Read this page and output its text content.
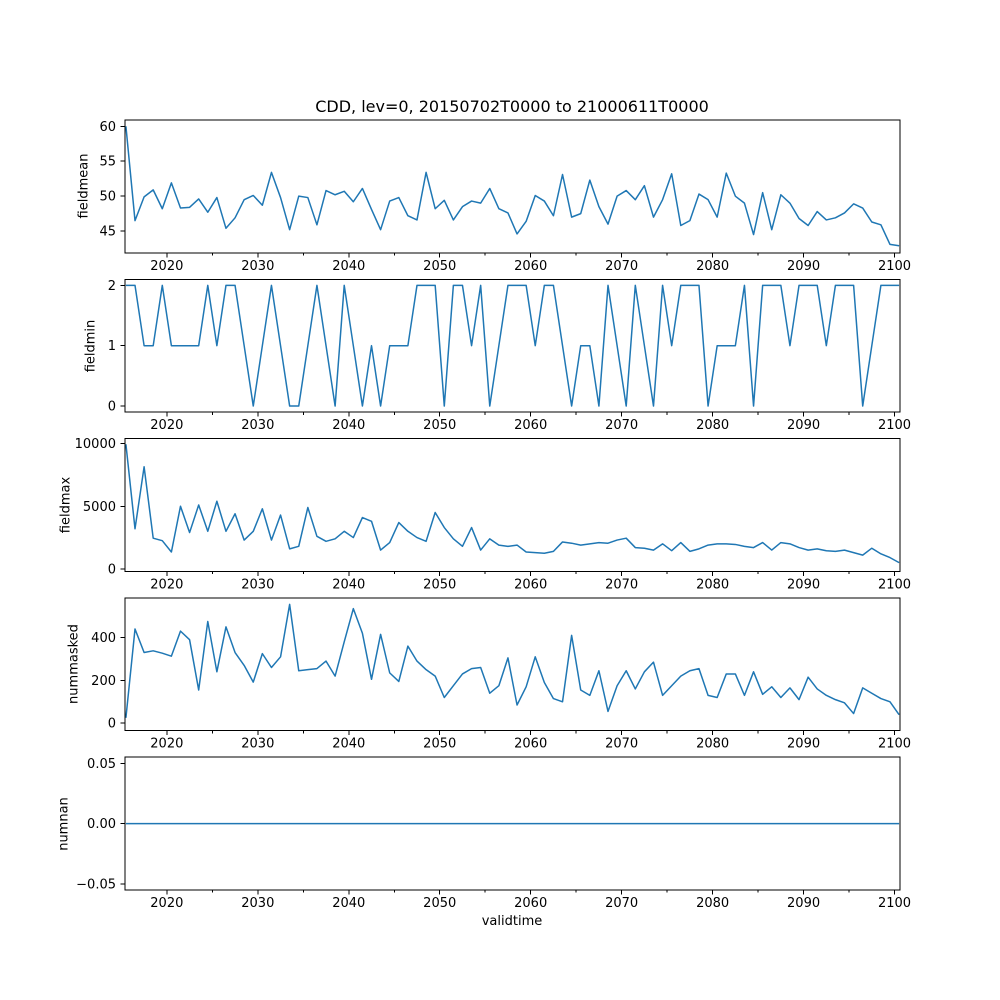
45
50
55
60
2020	2030	2040	2050	2060	2070	2080	2090	2100
0
1
2
2020	2030	2040	2050	2060	2070	2080	2090	2100
0
5000
10000
2020	2030	2040	2050	2060	2070	2080	2090	2100
0
200
400
2020	2030	2040	2050	2060	2070	2080	2090	2100
−0.05
0.00
0.05
2020	2030	2040	2050	2060	2070	2080	2090	2100
CDD, lev=0, 20150702T0000 to 21000611T0000
fieldmean
fieldmin
fieldmax
nummasked
numnan
validtime
